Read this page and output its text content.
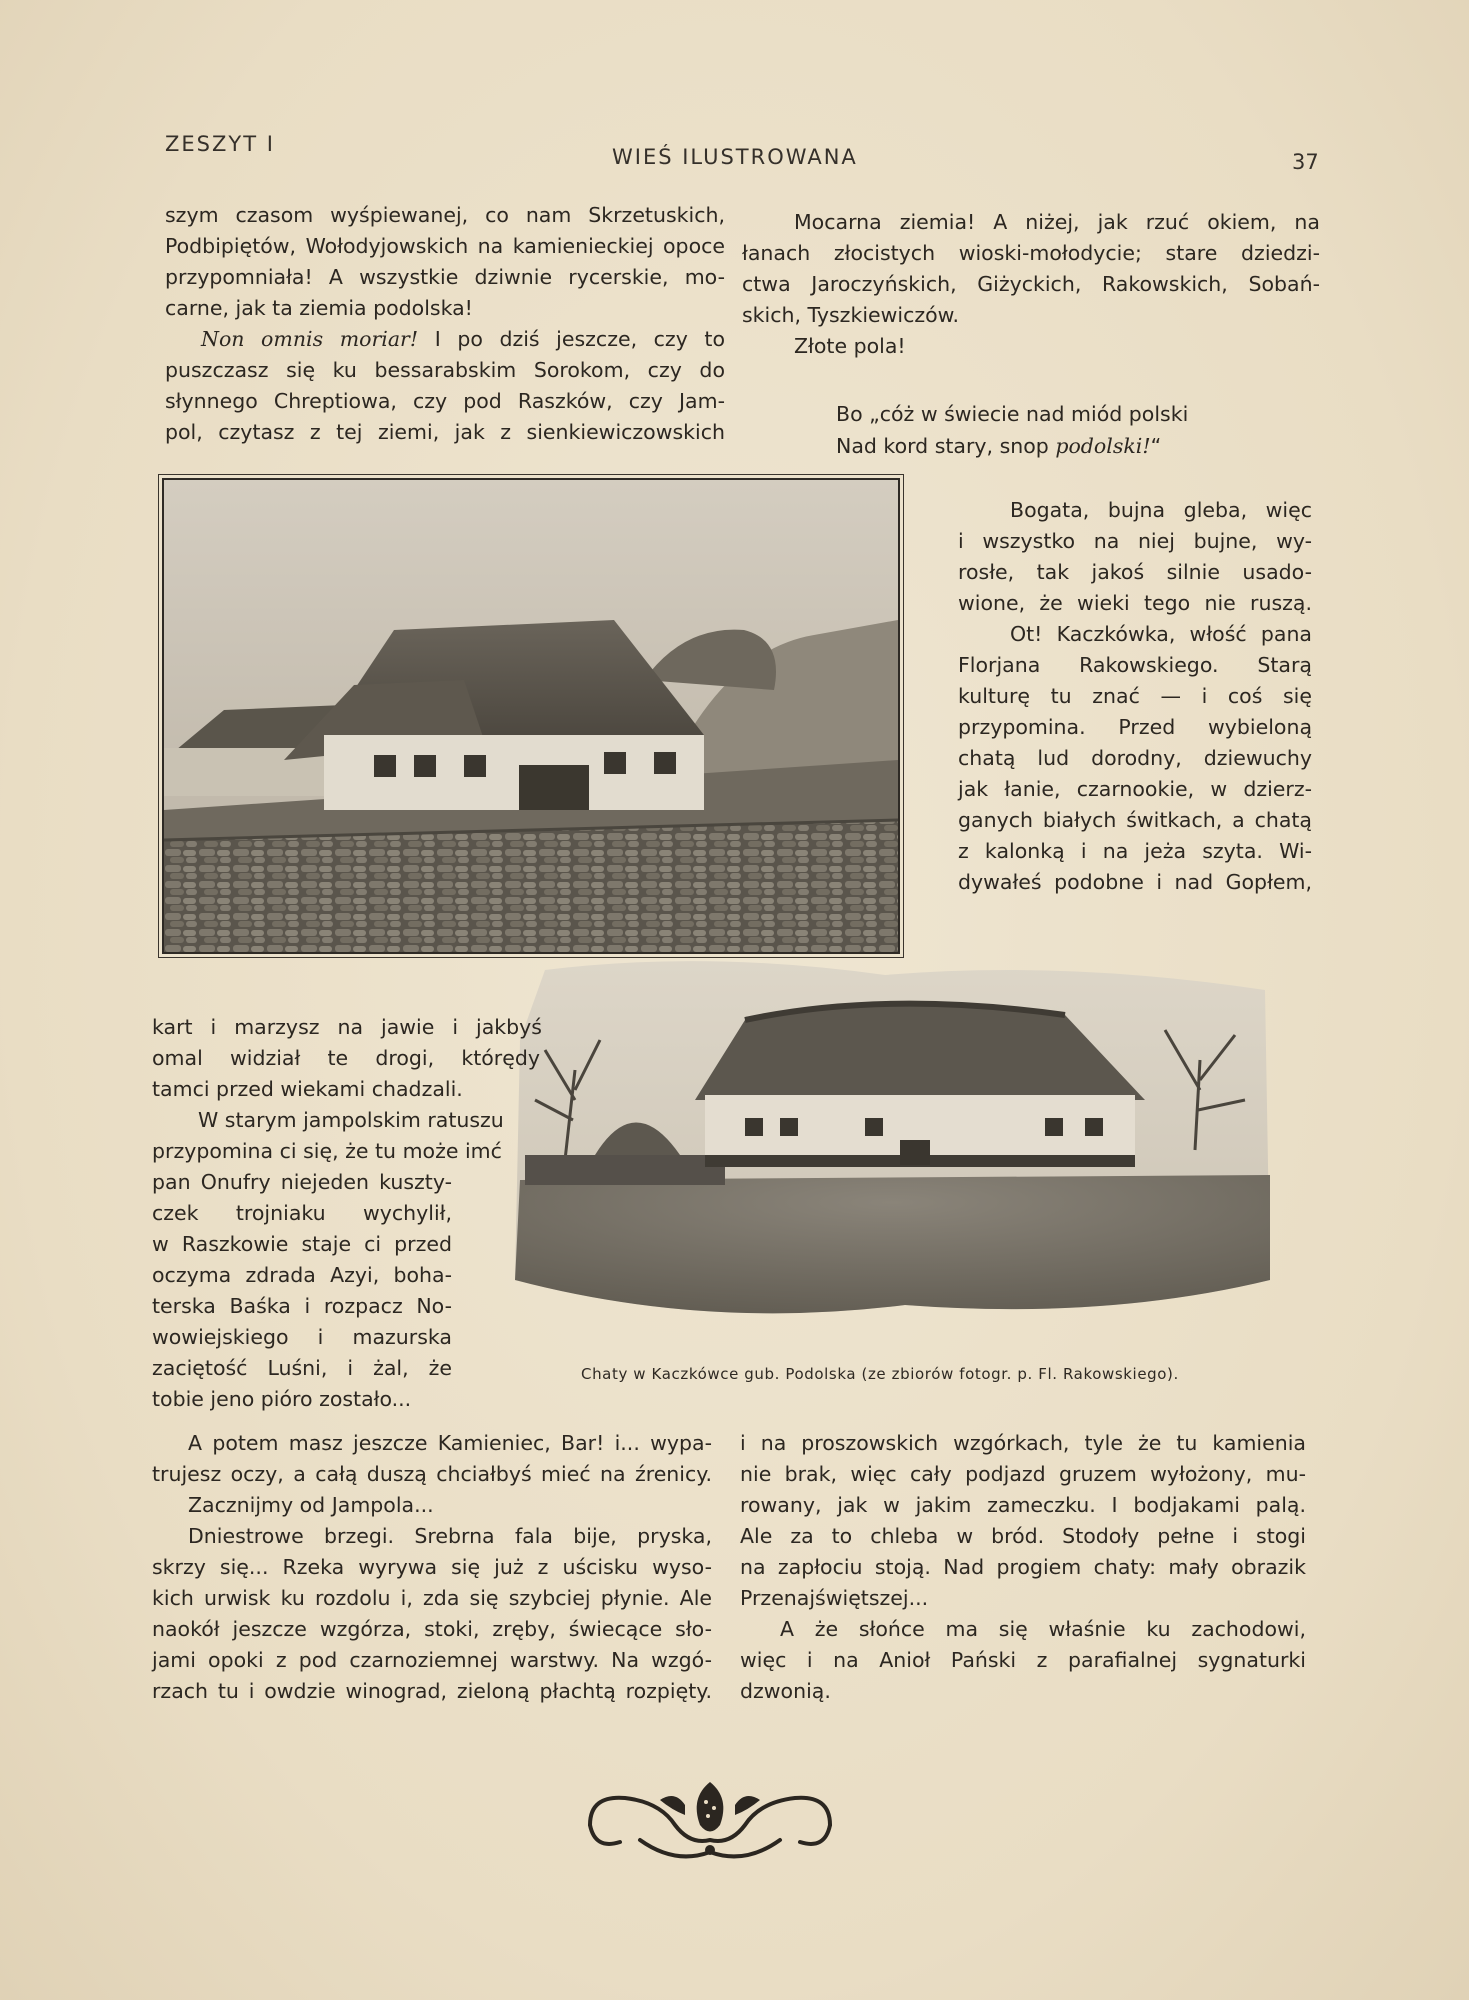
ZESZYT I
WIEŚ ILUSTROWANA	37
szym czasom wyśpiewanej, co nam Skrzetuskich,
Podbipiętów, Wołodyjowskich na kamienieckiej opoce
przypomniała! A wszystkie dziwnie rycerskie, mo-
carne, jak ta ziemia podolska!
Non omnis moriar! I po dziś jeszcze, czy to
puszczasz się ku bessarabskim Sorokom, czy do
słynnego Chreptiowa, czy pod Raszków, czy Jam-
pol, czytasz z tej ziemi, jak z sienkiewiczowskich
Mocarna ziemia! A niżej, jak rzuć okiem, na
łanach złocistych wioski-mołodycie; stare dziedzi-
ctwa Jaroczyńskich, Giżyckich, Rakowskich, Sobań-
skich, Tyszkiewiczów.
Złote pola!
Bo „cóż w świecie nad miód polski
Nad kord stary, snop podolski!“
Bogata, bujna gleba, więc
i wszystko na niej bujne, wy-
rosłe, tak jakoś silnie usado-
wione, że wieki tego nie ruszą.
Ot! Kaczkówka, włość pana
Florjana Rakowskiego. Starą
kulturę tu znać — i coś się
przypomina. Przed wybieloną
chatą lud dorodny, dziewuchy
jak łanie, czarnookie, w dzierz-
ganych białych świtkach, a chatą
z kalonką i na jeża szyta. Wi-
dywałeś podobne i nad Gopłem,
kart i marzysz na jawie i jakbyś
omal widział te drogi, którędy
tamci przed wiekami chadzali.
W starym jampolskim ratuszu
przypomina ci się, że tu może imć
pan Onufry niejeden kuszty-
czek trojniaku wychylił,
w Raszkowie staje ci przed
oczyma zdrada Azyi, boha-
terska Baśka i rozpacz No-
wowiejskiego i mazurska
zaciętość Luśni, i żal, że
tobie jeno pióro zostało...
Chaty w Kaczkówce gub. Podolska (ze zbiorów fotogr. p. Fl. Rakowskiego).
A potem masz jeszcze Kamieniec, Bar! i... wypa-
trujesz oczy, a całą duszą chciałbyś mieć na źrenicy.
Zacznijmy od Jampola...
Dniestrowe brzegi. Srebrna fala bije, pryska,
skrzy się... Rzeka wyrywa się już z uścisku wyso-
kich urwisk ku rozdolu i, zda się szybciej płynie. Ale
naokół jeszcze wzgórza, stoki, zręby, świecące sło-
jami opoki z pod czarnoziemnej warstwy. Na wzgó-
rzach tu i owdzie winograd, zieloną płachtą rozpięty.
i na proszowskich wzgórkach, tyle że tu kamienia
nie brak, więc cały podjazd gruzem wyłożony, mu-
rowany, jak w jakim zameczku. I bodjakami palą.
Ale za to chleba w bród. Stodoły pełne i stogi
na zapłociu stoją. Nad progiem chaty: mały obrazik
Przenajświętszej...
A że słońce ma się właśnie ku zachodowi,
więc i na Anioł Pański z parafialnej sygnaturki
dzwonią.
